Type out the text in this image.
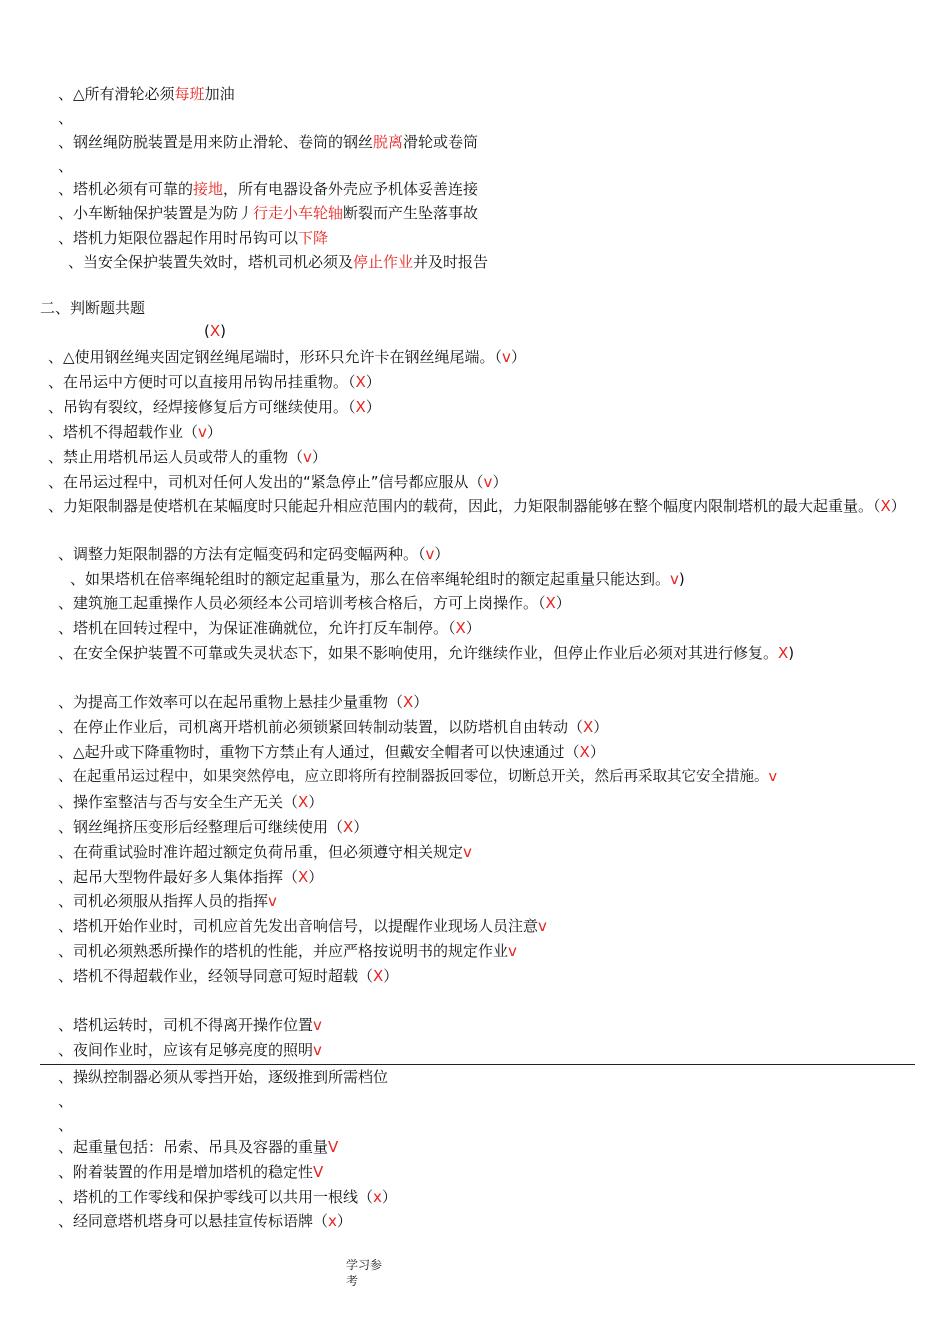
、△所有滑轮必须每班加油
、
、钢丝绳防脱装置是用来防止滑轮、卷筒的钢丝脱离滑轮或卷筒
、
、塔机必须有可靠的接地，所有电器设备外壳应予机体妥善连接
、小车断轴保护装置是为防丿行走小车轮轴断裂而产生坠落事故
、塔机力矩限位器起作用时吊钩可以下降
、当安全保护装置失效时，塔机司机必须及停止作业并及时报告
二、判断题共题
(X)
、△使用钢丝绳夹固定钢丝绳尾端时，形环只允许卡在钢丝绳尾端。（v）
、在吊运中方便时可以直接用吊钩吊挂重物。（X）
、吊钩有裂纹，经焊接修复后方可继续使用。（X）
、塔机不得超载作业（v）
、禁止用塔机吊运人员或带人的重物（v）
、在吊运过程中，司机对任何人发出的“紧急停止”信号都应服从（v）
、力矩限制器是使塔机在某幅度时只能起升相应范围内的载荷，因此，力矩限制器能够在整个幅度内限制塔机的最大起重量。（X）
、调整力矩限制器的方法有定幅变码和定码变幅两种。（v）
、如果塔机在倍率绳轮组时的额定起重量为，那么在倍率绳轮组时的额定起重量只能达到。v)
、建筑施工起重操作人员必须经本公司培训考核合格后，方可上岗操作。（X）
、塔机在回转过程中，为保证准确就位，允许打反车制停。（X）
、在安全保护装置不可靠或失灵状态下，如果不影响使用，允许继续作业，但停止作业后必须对其进行修复。X)
、为提高工作效率可以在起吊重物上悬挂少量重物（X）
、在停止作业后，司机离开塔机前必须锁紧回转制动装置，以防塔机自由转动（X）
、△起升或下降重物时，重物下方禁止有人通过，但戴安全帽者可以快速通过（X）
、在起重吊运过程中，如果突然停电，应立即将所有控制器扳回零位，切断总开关，然后再采取其它安全措施。v
、操作室整洁与否与安全生产无关（X）
、钢丝绳挤压变形后经整理后可继续使用（X）
、在荷重试验时准许超过额定负荷吊重，但必须遵守相关规定v
、起吊大型物件最好多人集体指挥（X）
、司机必须服从指挥人员的指挥v
、塔机开始作业时，司机应首先发出音响信号，以提醒作业现场人员注意v
、司机必须熟悉所操作的塔机的性能，并应严格按说明书的规定作业v
、塔机不得超载作业，经领导同意可短时超载（X）
、塔机运转时，司机不得离开操作位置v
、夜间作业时，应该有足够亮度的照明v
、操纵控制器必须从零挡开始，逐级推到所需档位
、
、
、起重量包括：吊索、吊具及容器的重量V
、附着装置的作用是增加塔机的稳定性V
、塔机的工作零线和保护零线可以共用一根线（x）
、经同意塔机塔身可以悬挂宣传标语牌（x）
学习参
考
